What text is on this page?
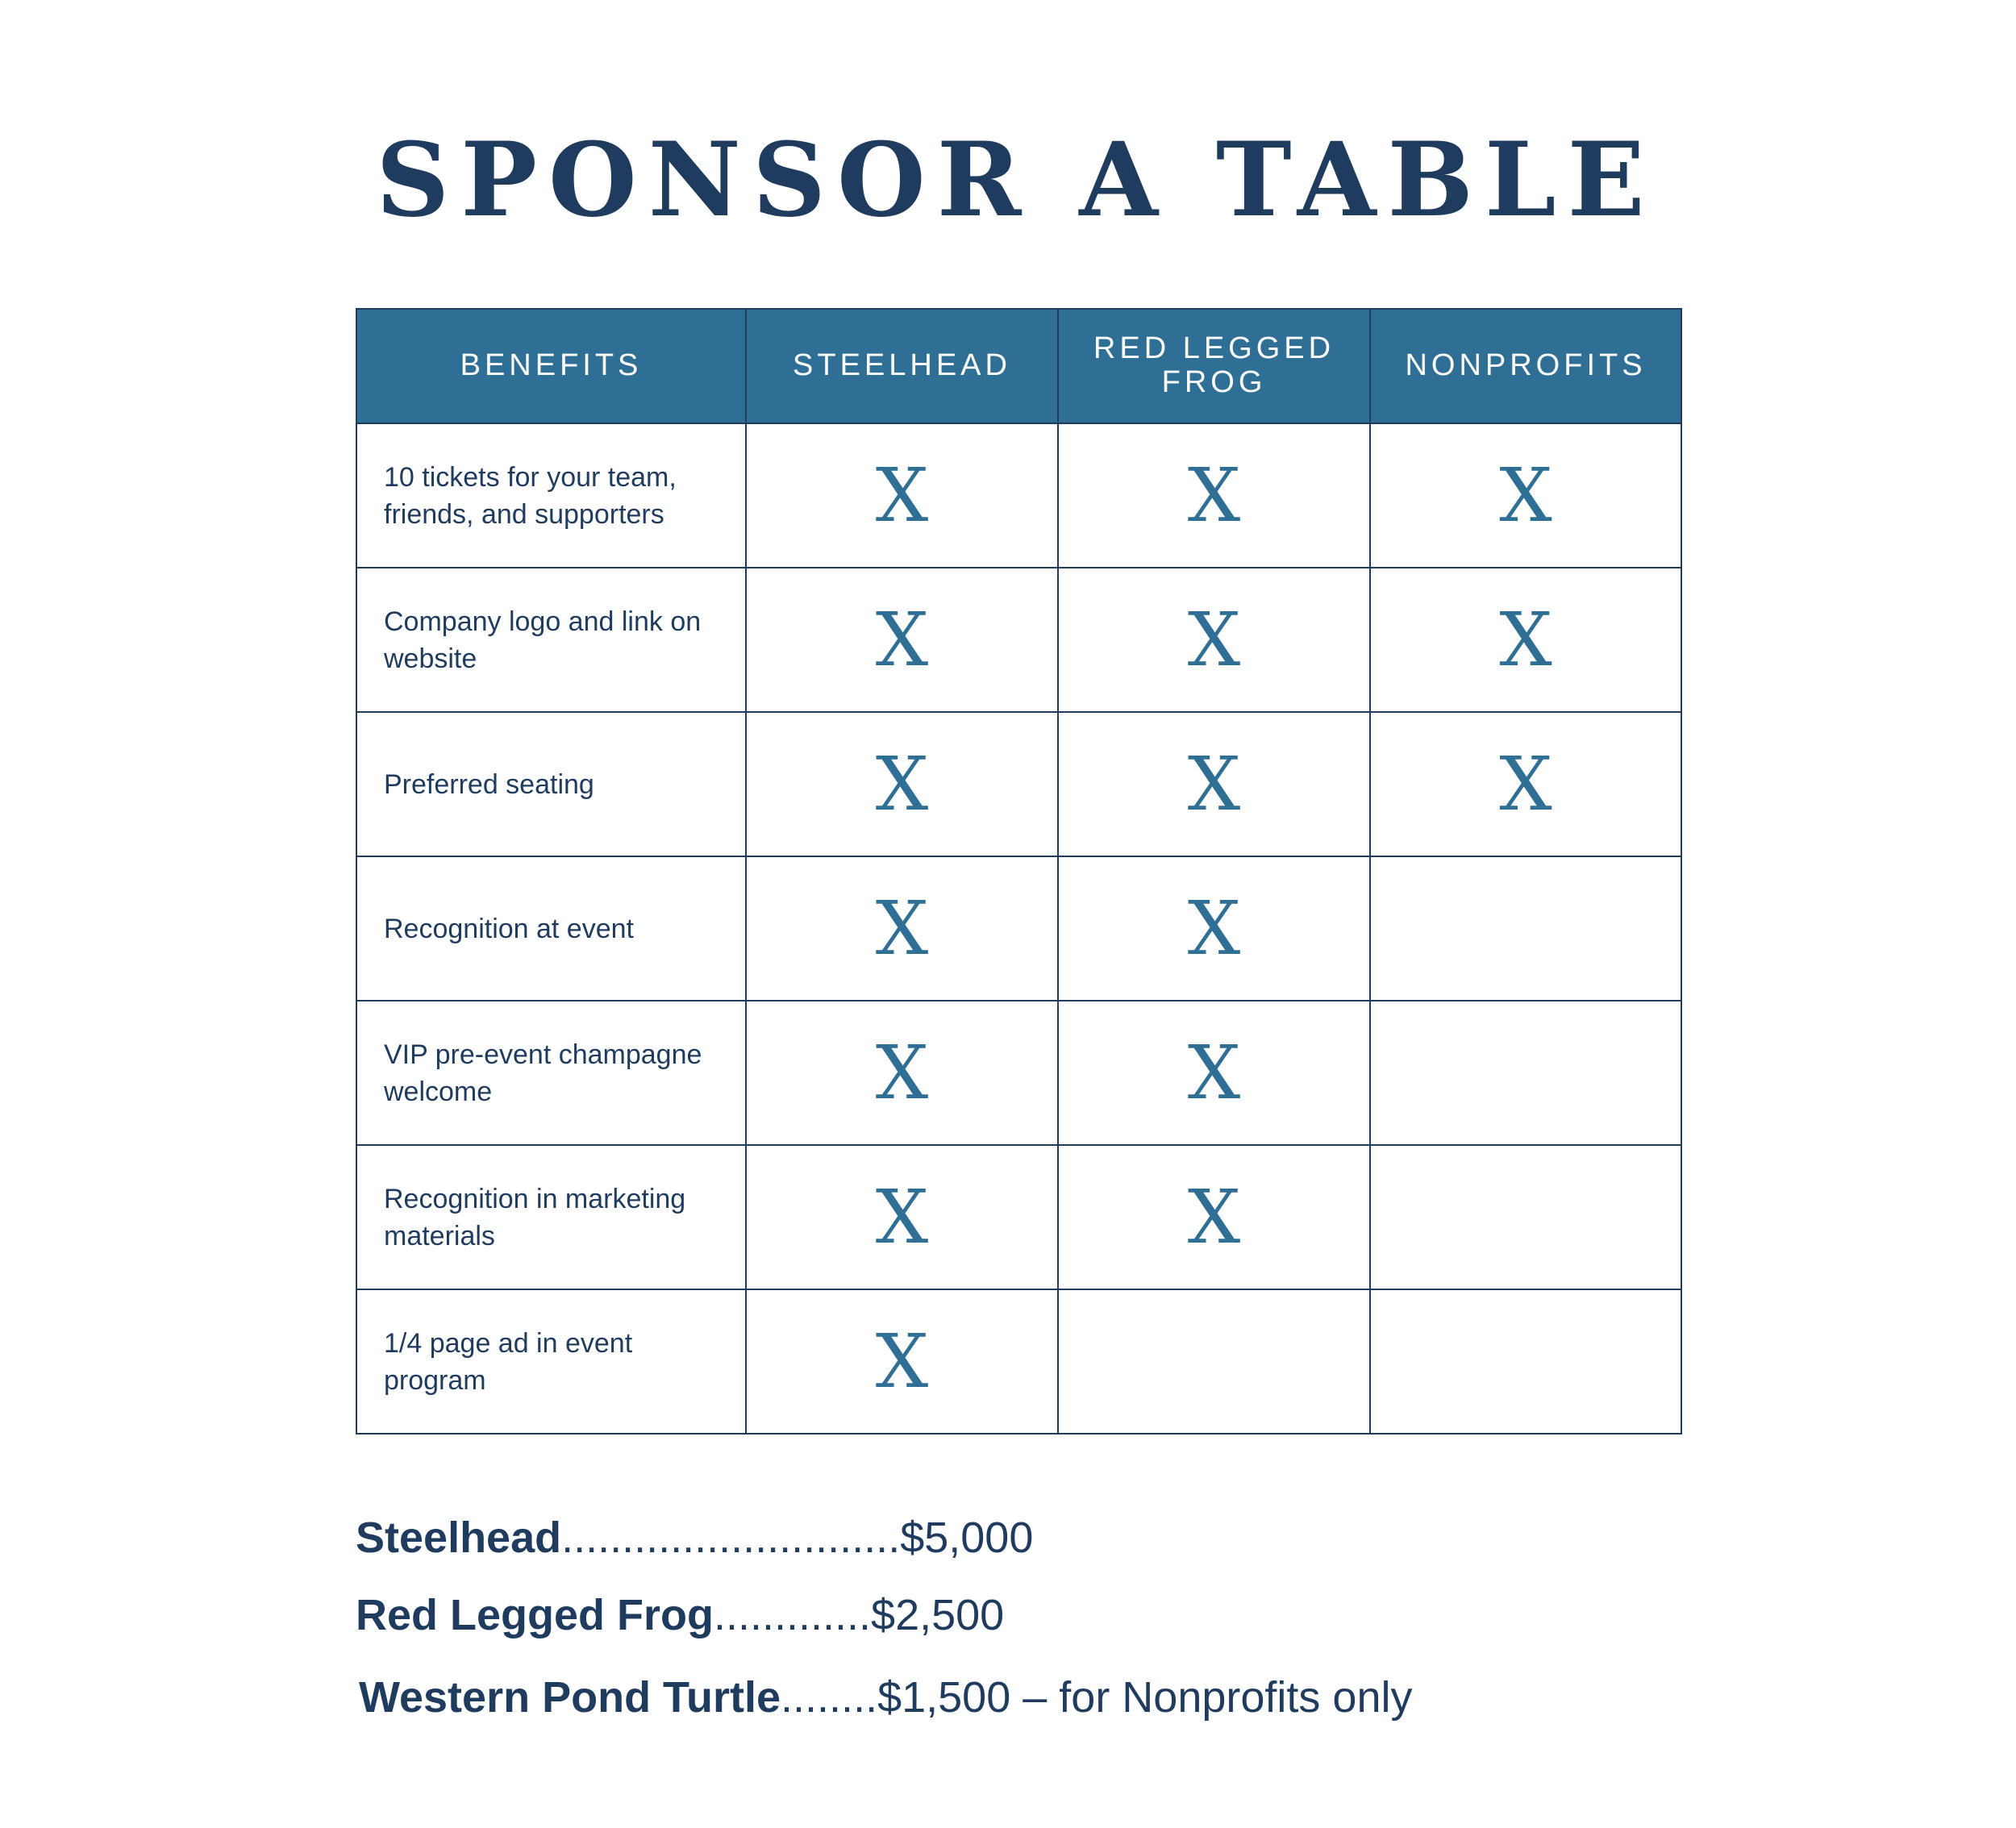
SPONSOR A TABLE
BENEFITS	STEELHEAD	RED LEGGED FROG	NONPROFITS
10 tickets for your team, friends, and supporters	X	X	X
Company logo and link on website	X	X	X
Preferred seating	X	X	X
Recognition at event	X	X	
VIP pre-event champagne welcome	X	X	
Recognition in marketing materials	X	X	
1/4 page ad in event program	X		
Steelhead............................$5,000
Red Legged Frog.............$2,500
Western Pond Turtle........$1,500 – for Nonprofits only
